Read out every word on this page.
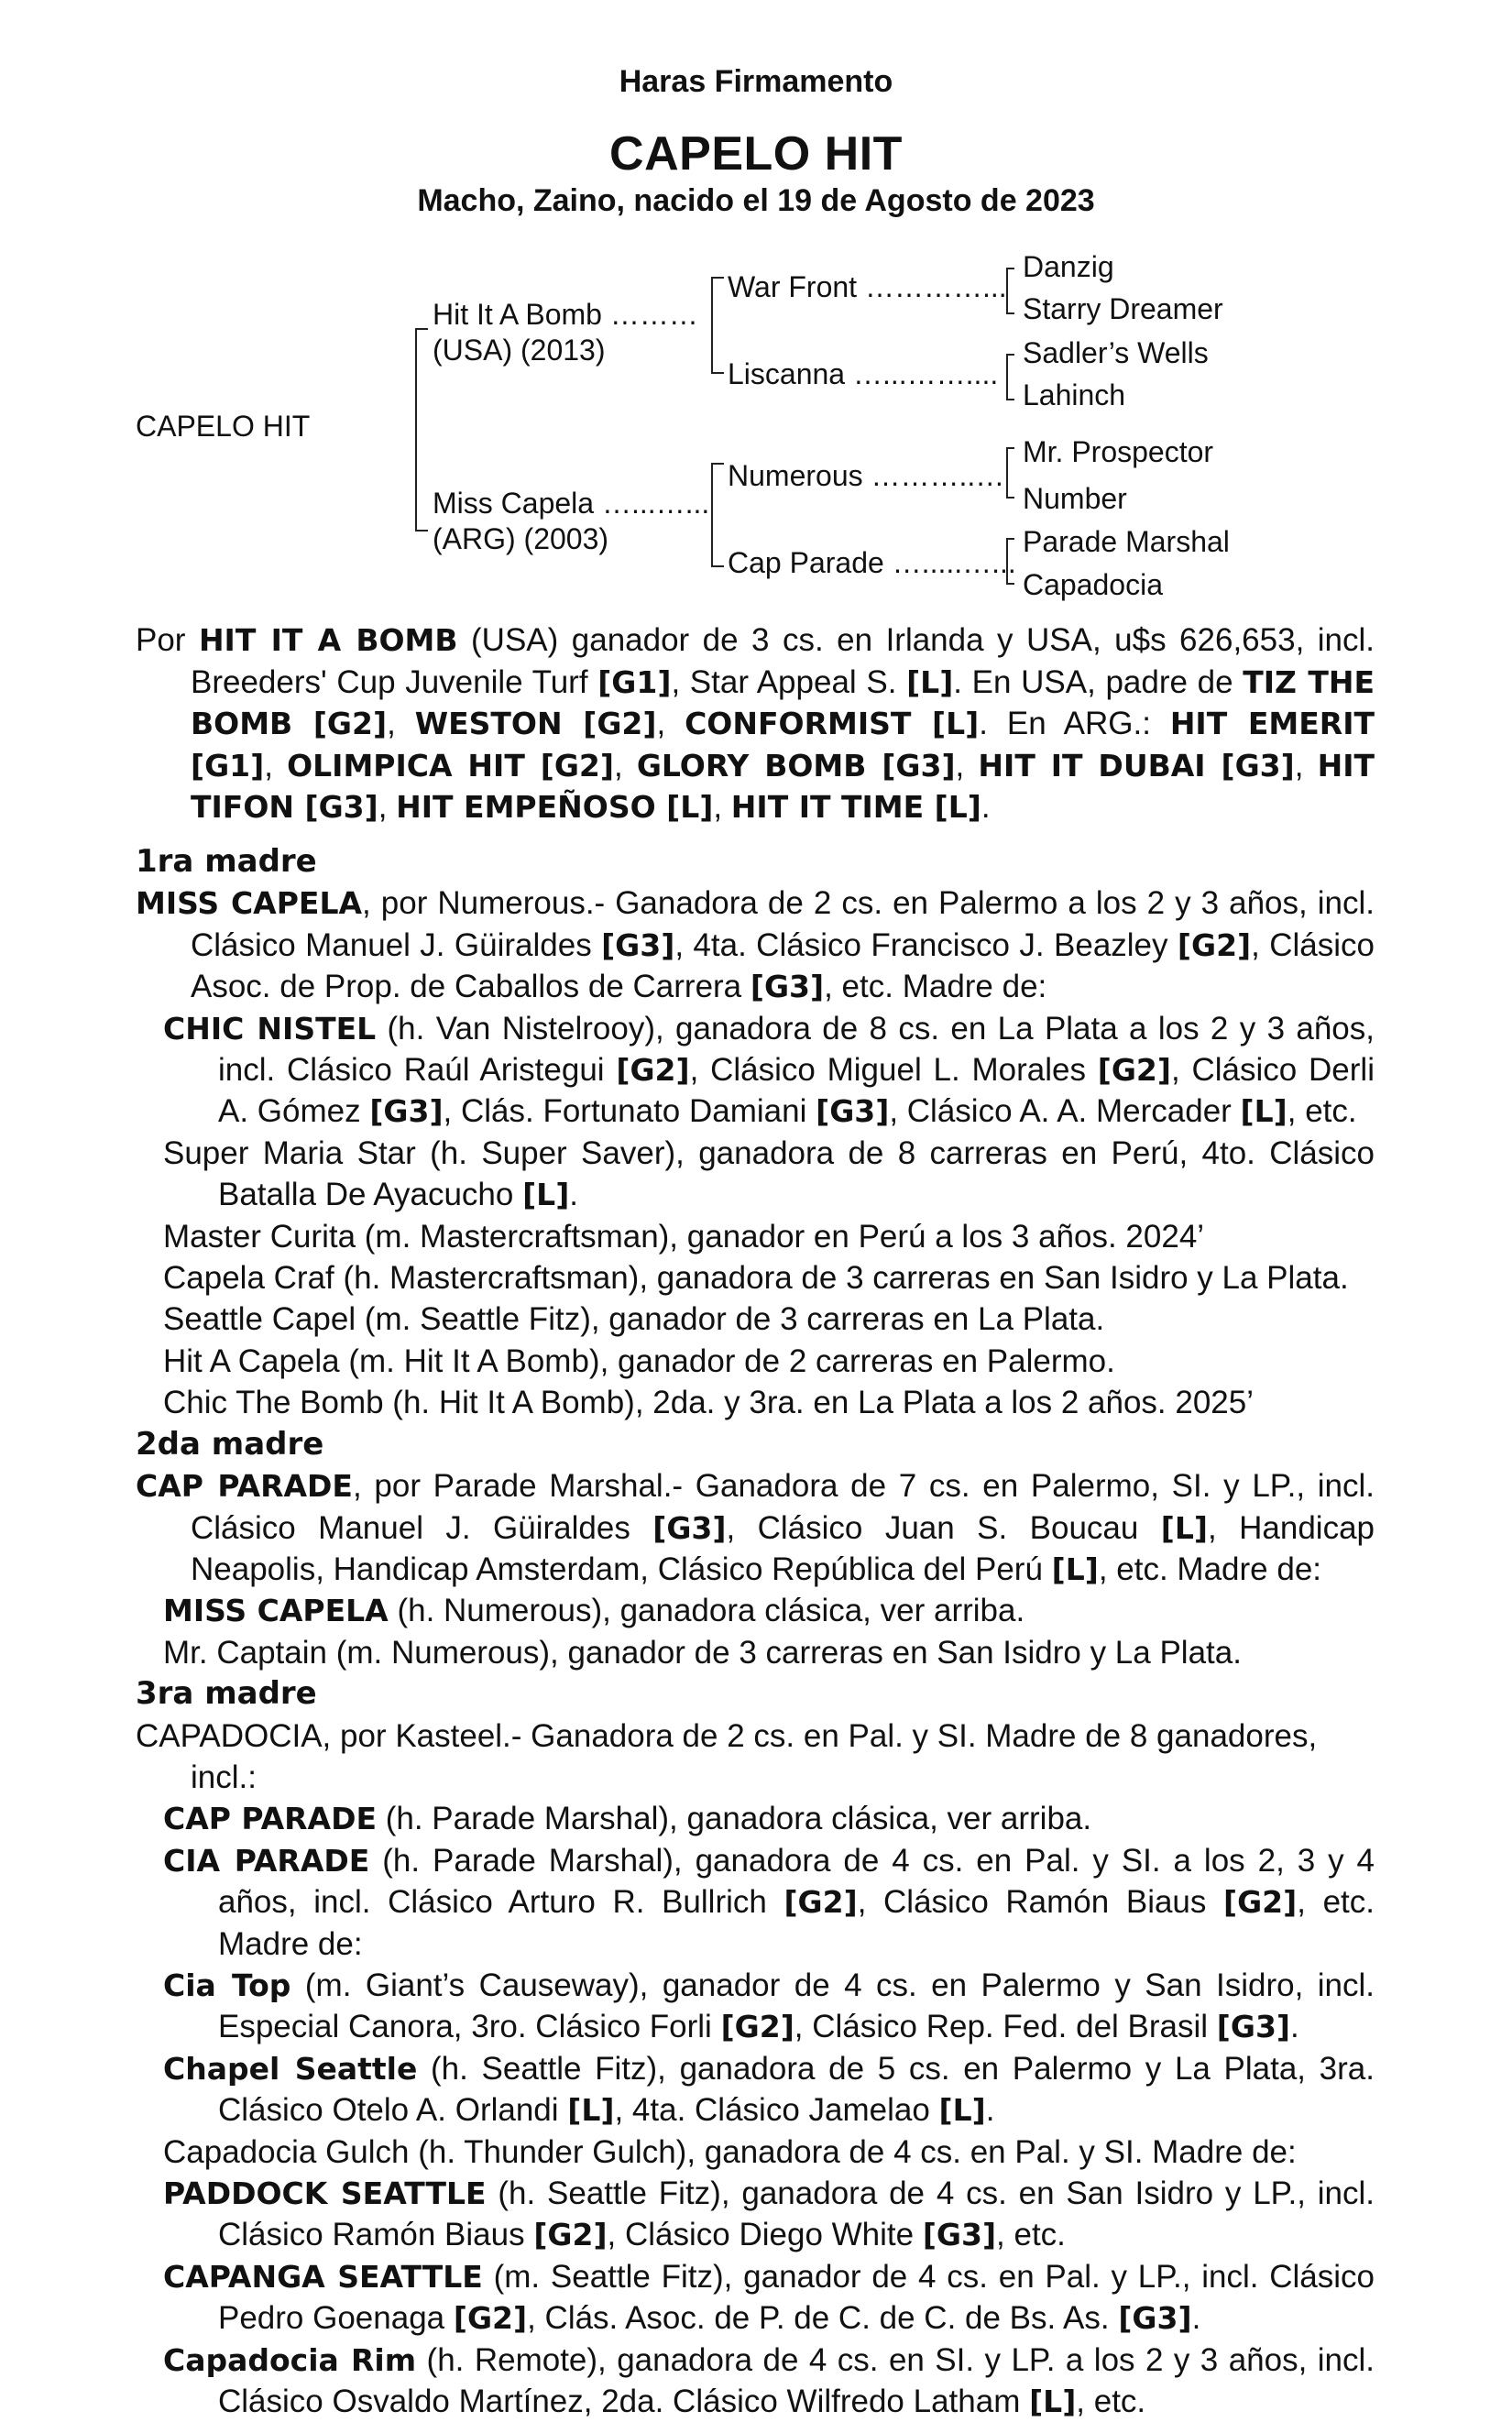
Haras Firmamento
CAPELO HIT
Macho, Zaino, nacido el 19 de Agosto de 2023
CAPELO HIT
Hit It A Bomb ………
(USA) (2013)
Miss Capela …...…...
(ARG) (2003)
War Front …………...
Liscanna …...……....
Numerous ………..…
Cap Parade ….....…...
Danzig
Starry Dreamer
Sadler’s Wells
Lahinch
Mr. Prospector
Number
Parade Marshal
Capadocia
Por HIT IT A BOMB (USA) ganador de 3 cs. en Irlanda y USA, u$s 626,653, incl. Breeders' Cup Juvenile Turf [G1], Star Appeal S. [L]. En USA, padre de TIZ THE BOMB [G2], WESTON [G2], CONFORMIST [L]. En ARG.: HIT EMERIT [G1], OLIMPICA HIT [G2], GLORY BOMB [G3], HIT IT DUBAI [G3], HIT TIFON [G3], HIT EMPEÑOSO [L], HIT IT TIME [L].
1ra madre
MISS CAPELA, por Numerous.- Ganadora de 2 cs. en Palermo a los 2 y 3 años, incl. Clásico Manuel J. Güiraldes [G3], 4ta. Clásico Francisco J. Beazley [G2], Clásico Asoc. de Prop. de Caballos de Carrera [G3], etc. Madre de:
CHIC NISTEL (h. Van Nistelrooy), ganadora de 8 cs. en La Plata a los 2 y 3 años, incl. Clásico Raúl Aristegui [G2], Clásico Miguel L. Morales [G2], Clásico Derli A. Gómez [G3], Clás. Fortunato Damiani [G3], Clásico A. A. Mercader [L], etc.
Super Maria Star (h. Super Saver), ganadora de 8 carreras en Perú, 4to. Clásico Batalla De Ayacucho [L].
Master Curita (m. Mastercraftsman), ganador en Perú a los 3 años. 2024’
Capela Craf (h. Mastercraftsman), ganadora de 3 carreras en San Isidro y La Plata.
Seattle Capel (m. Seattle Fitz), ganador de 3 carreras en La Plata.
Hit A Capela (m. Hit It A Bomb), ganador de 2 carreras en Palermo.
Chic The Bomb (h. Hit It A Bomb), 2da. y 3ra. en La Plata a los 2 años. 2025’
2da madre
CAP PARADE, por Parade Marshal.- Ganadora de 7 cs. en Palermo, SI. y LP., incl. Clásico Manuel J. Güiraldes [G3], Clásico Juan S. Boucau [L], Handicap Neapolis, Handicap Amsterdam, Clásico República del Perú [L], etc. Madre de:
MISS CAPELA (h. Numerous), ganadora clásica, ver arriba.
Mr. Captain (m. Numerous), ganador de 3 carreras en San Isidro y La Plata.
3ra madre
CAPADOCIA, por Kasteel.- Ganadora de 2 cs. en Pal. y SI. Madre de 8 ganadores, incl.:
CAP PARADE (h. Parade Marshal), ganadora clásica, ver arriba.
CIA PARADE (h. Parade Marshal), ganadora de 4 cs. en Pal. y SI. a los 2, 3 y 4 años, incl. Clásico Arturo R. Bullrich [G2], Clásico Ramón Biaus [G2], etc. Madre de:
Cia Top (m. Giant’s Causeway), ganador de 4 cs. en Palermo y San Isidro, incl. Especial Canora, 3ro. Clásico Forli [G2], Clásico Rep. Fed. del Brasil [G3].
Chapel Seattle (h. Seattle Fitz), ganadora de 5 cs. en Palermo y La Plata, 3ra. Clásico Otelo A. Orlandi [L], 4ta. Clásico Jamelao [L].
Capadocia Gulch (h. Thunder Gulch), ganadora de 4 cs. en Pal. y SI. Madre de:
PADDOCK SEATTLE (h. Seattle Fitz), ganadora de 4 cs. en San Isidro y LP., incl. Clásico Ramón Biaus [G2], Clásico Diego White [G3], etc.
CAPANGA SEATTLE (m. Seattle Fitz), ganador de 4 cs. en Pal. y LP., incl. Clásico Pedro Goenaga [G2], Clás. Asoc. de P. de C. de C. de Bs. As. [G3].
Capadocia Rim (h. Remote), ganadora de 4 cs. en SI. y LP. a los 2 y 3 años, incl. Clásico Osvaldo Martínez, 2da. Clásico Wilfredo Latham [L], etc.
